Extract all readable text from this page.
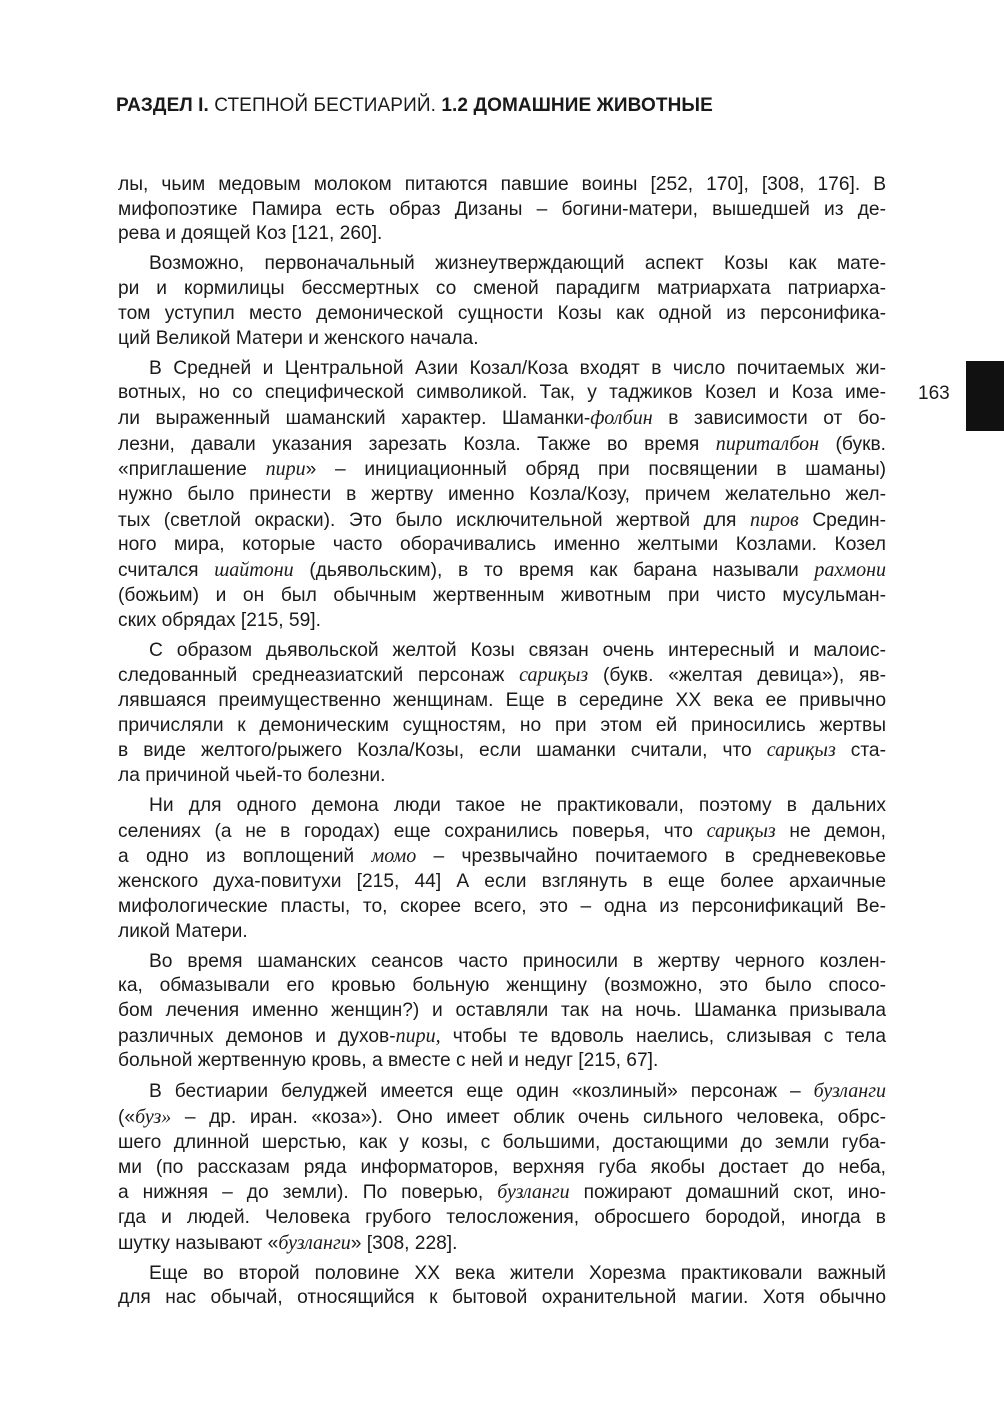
РАЗДЕЛ I. СТЕПНОЙ БЕСТИАРИЙ. 1.2 ДОМАШНИЕ ЖИВОТНЫЕ
163

лы, чьим медовым молоком питаются павшие воины [252, 170], [308, 176]. В
мифопоэтике Памира есть образ Дизаны – богини-матери, вышедшей из де-
рева и доящей Коз [121, 260].

Возможно, первоначальный жизнеутверждающий аспект Козы как мате-
ри и кормилицы бессмертных со сменой парадигм матриархата патриарха-
том уступил место демонической сущности Козы как одной из персонифика-
ций Великой Матери и женского начала.

В Средней и Центральной Азии Козал/Коза входят в число почитаемых жи-
вотных, но со специфической символикой. Так, у таджиков Козел и Коза име-
ли выраженный шаманский характер. Шаманки-фолбин в зависимости от бо-
лезни, давали указания зарезать Козла. Также во время пириталбон (букв.
«приглашение пири» – инициационный обряд при посвящении в шаманы)
нужно было принести в жертву именно Козла/Козу, причем желательно жел-
тых (светлой окраски). Это было исключительной жертвой для пиров Средин-
ного мира, которые часто оборачивались именно желтыми Козлами. Козел
считался шайтони (дьявольским), в то время как барана называли рахмони
(божьим) и он был обычным жертвенным животным при чисто мусульман-
ских обрядах [215, 59].

С образом дьявольской желтой Козы связан очень интересный и малоис-
следованный среднеазиатский персонаж сариқыз (букв. «желтая девица»), яв-
лявшаяся преимущественно женщинам. Еще в середине ХХ века ее привычно
причисляли к демоническим сущностям, но при этом ей приносились жертвы
в виде желтого/рыжего Козла/Козы, если шаманки считали, что сариқыз ста-
ла причиной чьей-то болезни.

Ни для одного демона люди такое не практиковали, поэтому в дальних
селениях (а не в городах) еще сохранились поверья, что сариқыз не демон,
а одно из воплощений момо – чрезвычайно почитаемого в средневековье
женского духа-повитухи [215, 44] А если взглянуть в еще более архаичные
мифологические пласты, то, скорее всего, это – одна из персонификаций Ве-
ликой Матери.

Во время шаманских сеансов часто приносили в жертву черного козлен-
ка, обмазывали его кровью больную женщину (возможно, это было спосо-
бом лечения именно женщин?) и оставляли так на ночь. Шаманка призывала
различных демонов и духов-пири, чтобы те вдоволь наелись, слизывая с тела
больной жертвенную кровь, а вместе с ней и недуг [215, 67].

В бестиарии белуджей имеется еще один «козлиный» персонаж – бузланги
(«буз» – др. иран. «коза»). Оно имеет облик очень сильного человека, обрс-
шего длинной шерстью, как у козы, с большими, достающими до земли губа-
ми (по рассказам ряда информаторов, верхняя губа якобы достает до неба,
а нижняя – до земли). По поверью, бузланги пожирают домашний скот, ино-
гда и людей. Человека грубого телосложения, обросшего бородой, иногда в
шутку называют «бузланги» [308, 228].

Еще во второй половине ХХ века жители Хорезма практиковали важный
для нас обычай, относящийся к бытовой охранительной магии. Хотя обычно
